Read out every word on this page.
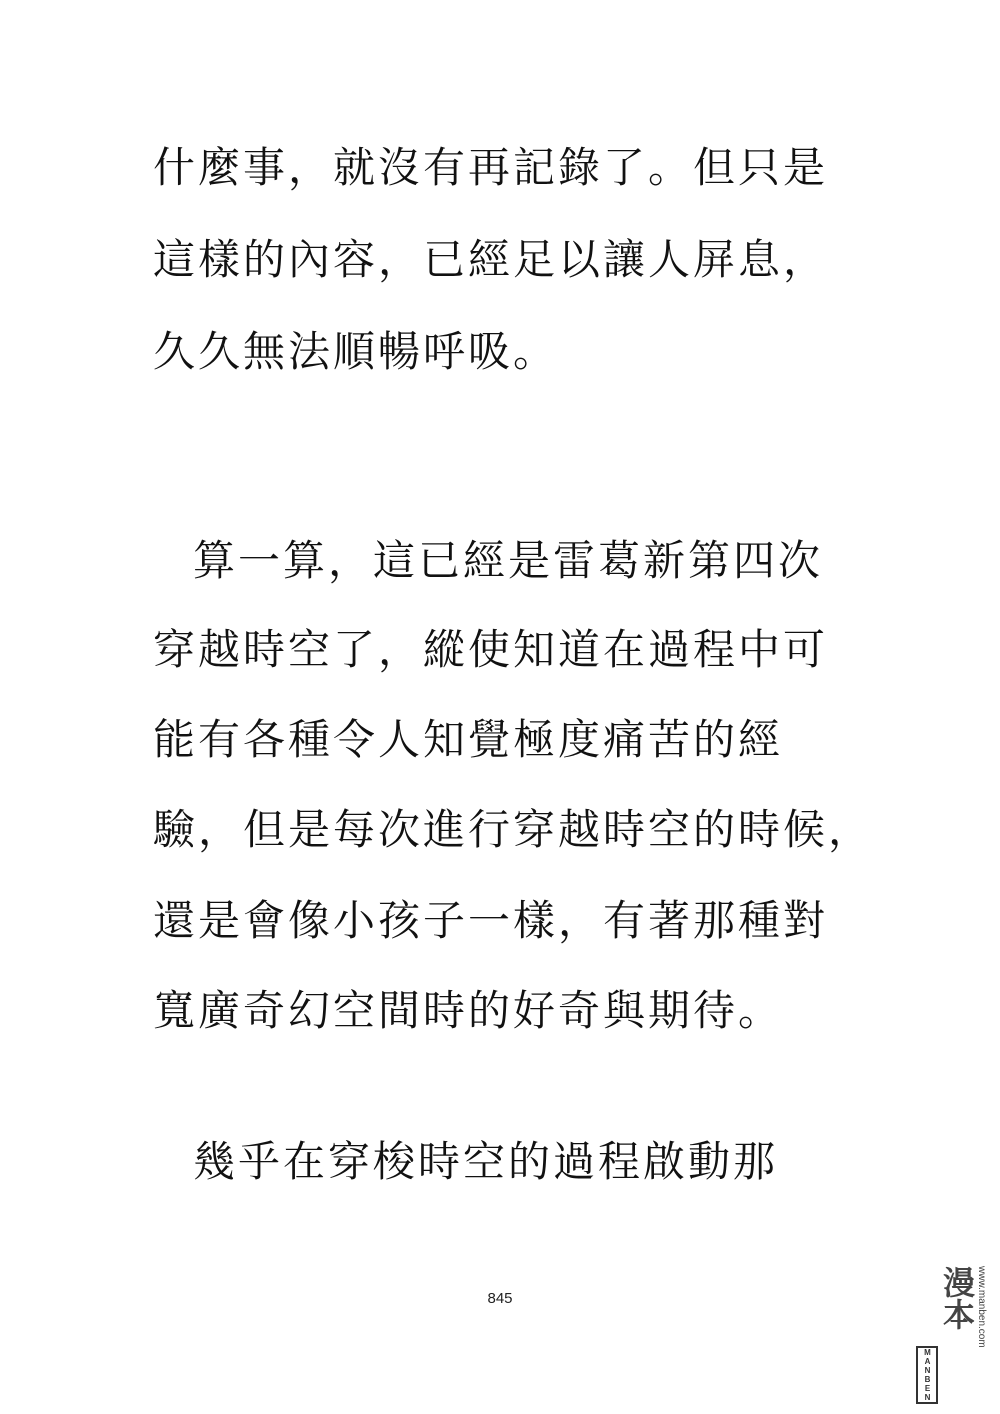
什麼事，就沒有再記錄了。但只是
這樣的內容，已經足以讓人屏息，
久久無法順暢呼吸。
算一算，這已經是雷葛新第四次
穿越時空了，縱使知道在過程中可
能有各種令人知覺極度痛苦的經
驗，但是每次進行穿越時空的時候，
還是會像小孩子一樣，有著那種對
寬廣奇幻空間時的好奇與期待。
幾乎在穿梭時空的過程啟動那
845
MANBEN
漫本 www.manben.com
